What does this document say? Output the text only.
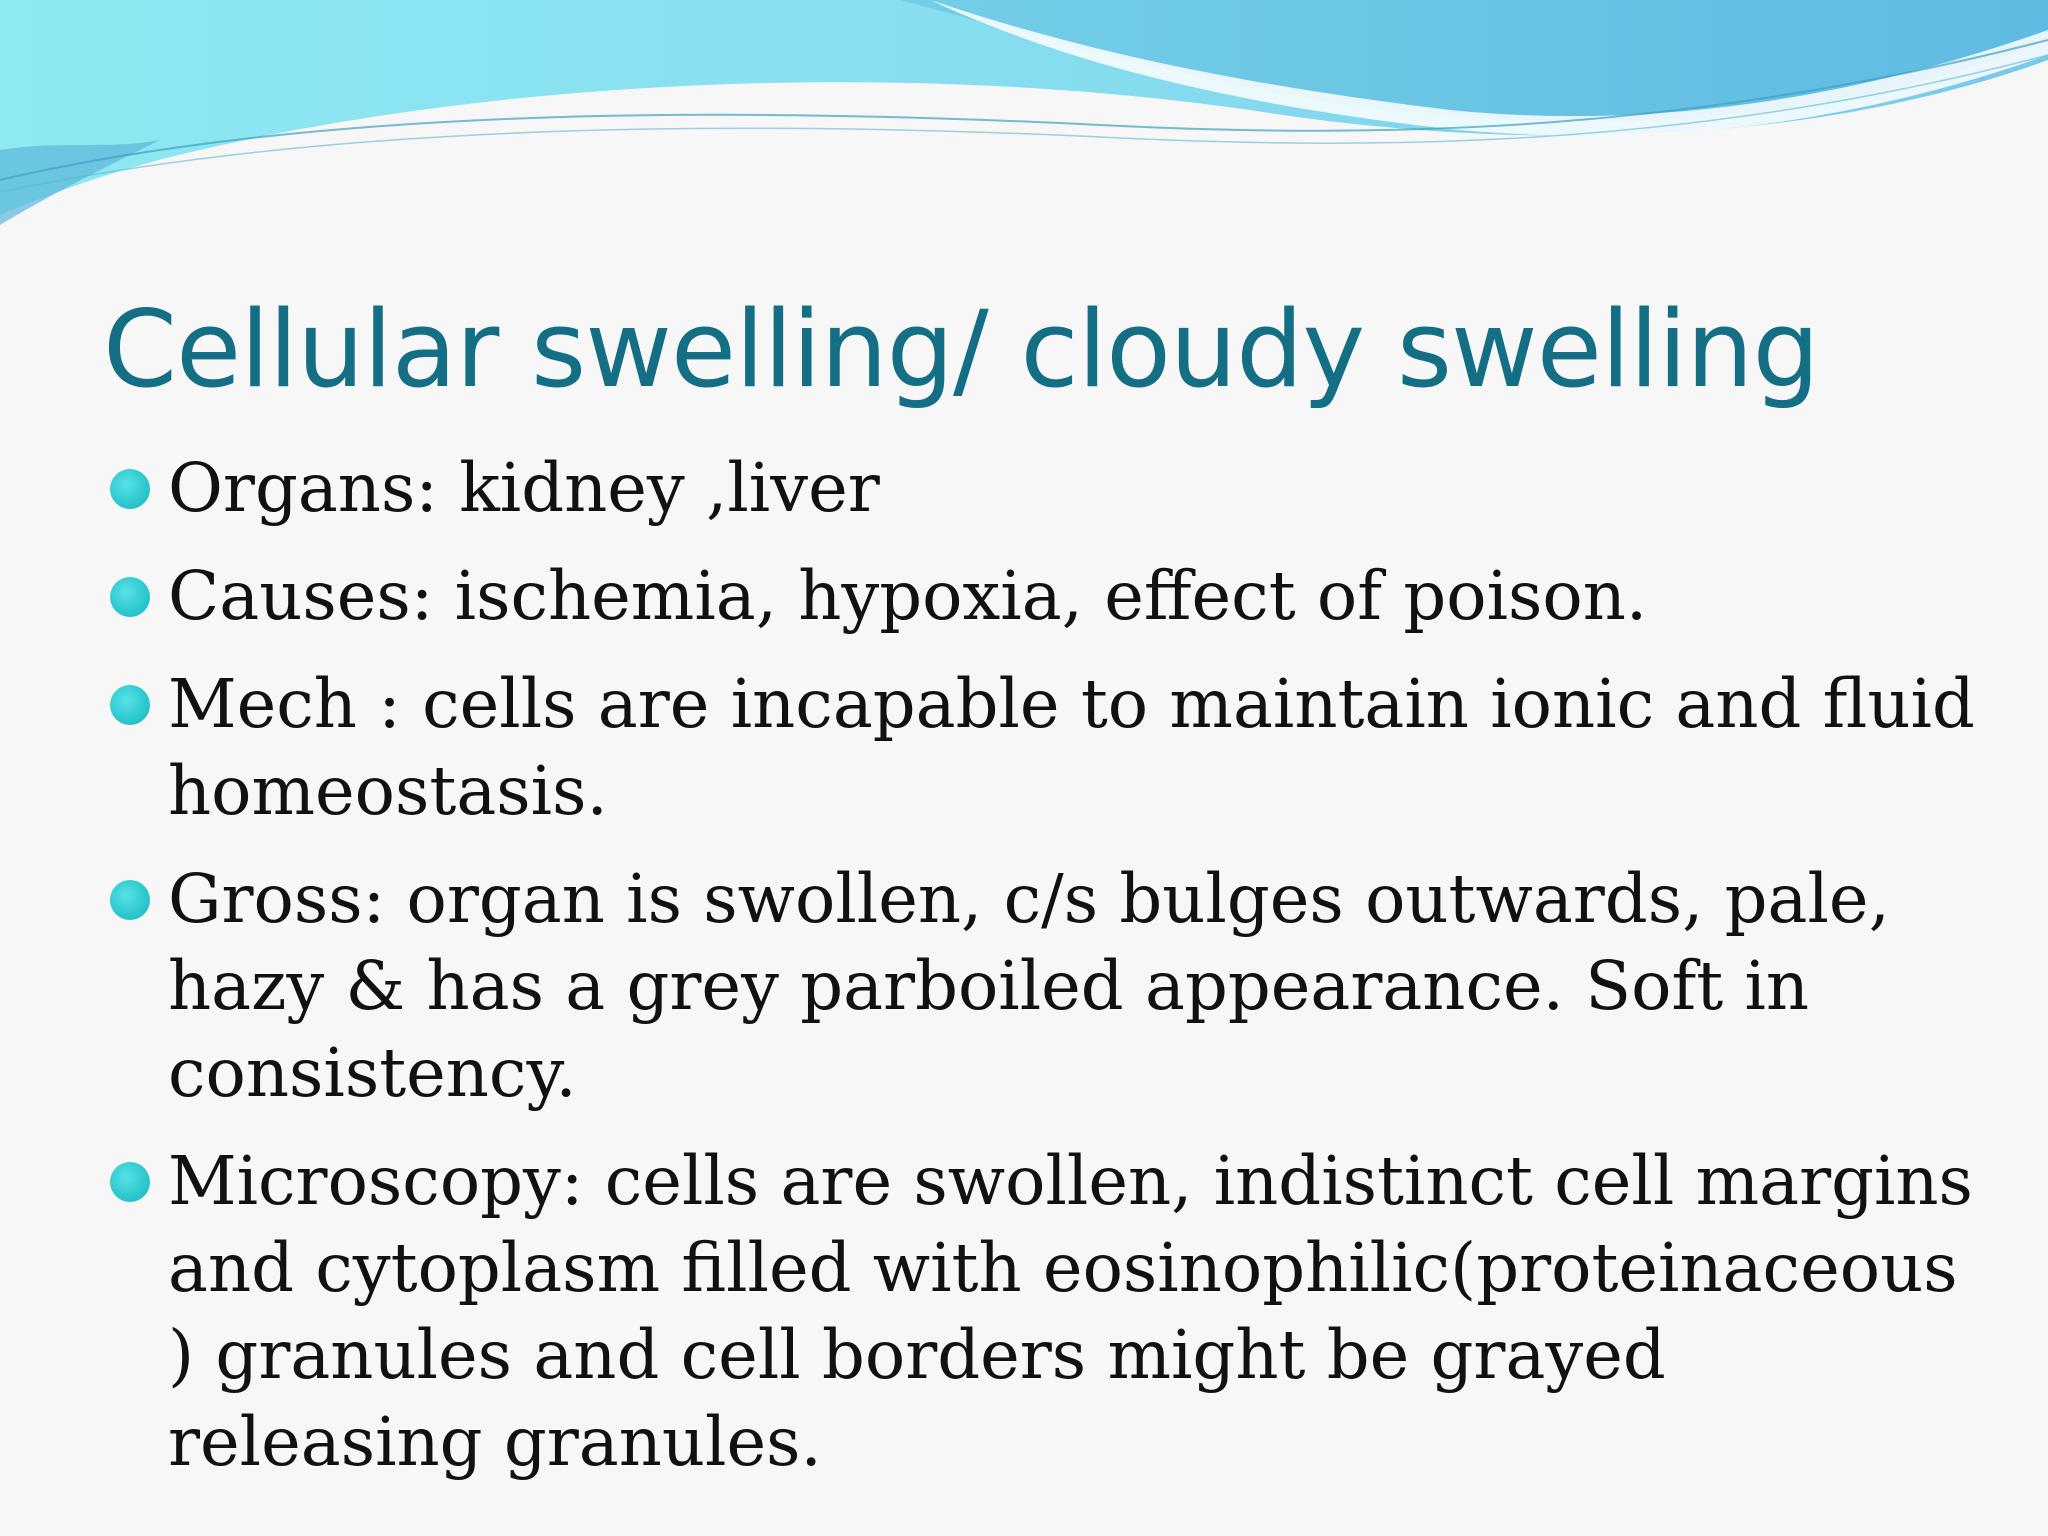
Cellular swelling/ cloudy swelling
Organs: kidney ,liver
Causes: ischemia, hypoxia, effect of poison.
Mech : cells are incapable to maintain ionic and fluid homeostasis.
Gross: organ is swollen, c/s bulges outwards, pale, hazy & has a grey parboiled appearance. Soft in consistency.
Microscopy: cells are swollen, indistinct cell margins and cytoplasm filled with eosinophilic(proteinaceous ) granules and cell borders might be grayed releasing granules.
